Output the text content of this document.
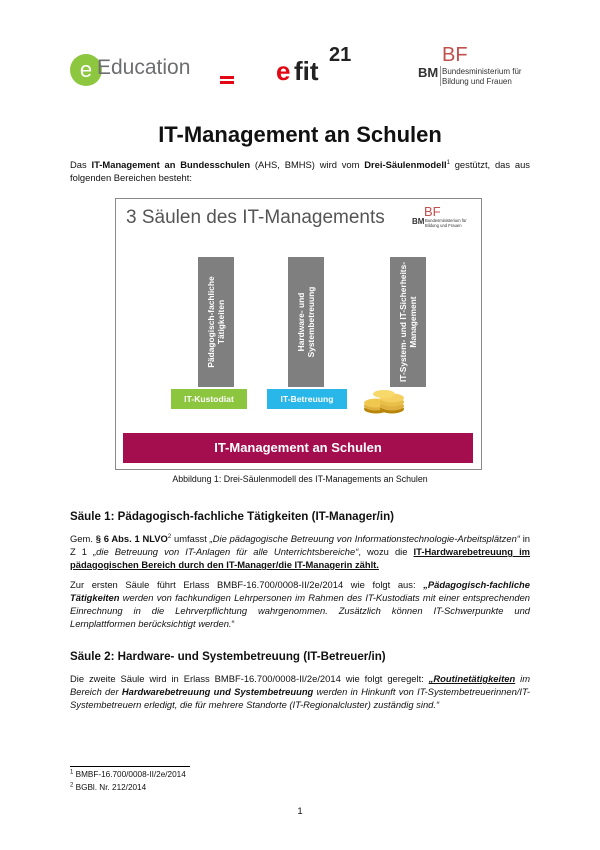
e Education	e fit
21	BF
BM Bundesministerium für
Bildung und Frauen
IT-Management an Schulen
Das IT-Management an Bundesschulen (AHS, BMHS) wird vom Drei-Säulenmodell$^1$ gestützt, das aus folgenden Bereichen besteht:
3 Säulen des IT-Managements	BF
BM Bundesministerium für
Bildung und Frauen
Pädagogisch-fachliche Tätigkeiten	Hardware- und Systembetreuung	IT-System- und IT-Sicherheits-Management
IT-Kustodiat	IT-Betreuung
IT-Management an Schulen
Abbildung 1: Drei-Säulenmodell des IT-Managements an Schulen
Säule 1: Pädagogisch-fachliche Tätigkeiten (IT-Manager/in)
Gem. § 6 Abs. 1 NLVO$^2$ umfasst „Die pädagogische Betreuung von Informationstechnologie-Arbeitsplätzen“ in Z 1 „die Betreuung von IT-Anlagen für alle Unterrichtsbereiche“, wozu die IT-Hardwarebetreuung im pädagogischen Bereich durch den IT-Manager/die IT-Managerin zählt.
Zur ersten Säule führt Erlass BMBF-16.700/0008-II/2e/2014 wie folgt aus: „Pädagogisch-fachliche Tätigkeiten werden von fachkundigen Lehrpersonen im Rahmen des IT-Kustodiats mit einer entsprechenden Einrechnung in die Lehrverpflichtung wahrgenommen. Zusätzlich können IT-Schwerpunkte und Lernplattformen berücksichtigt werden.“
Säule 2: Hardware- und Systembetreuung (IT-Betreuer/in)
Die zweite Säule wird in Erlass BMBF-16.700/0008-II/2e/2014 wie folgt geregelt: „Routinetätigkeiten im Bereich der Hardwarebetreuung und Systembetreuung werden in Hinkunft von IT-Systembetreuerinnen/IT-Systembetreuern erledigt, die für mehrere Standorte (IT-Regionalcluster) zuständig sind.“
$^1$ BMBF-16.700/0008-II/2e/2014
$^2$ BGBl. Nr. 212/2014
1
